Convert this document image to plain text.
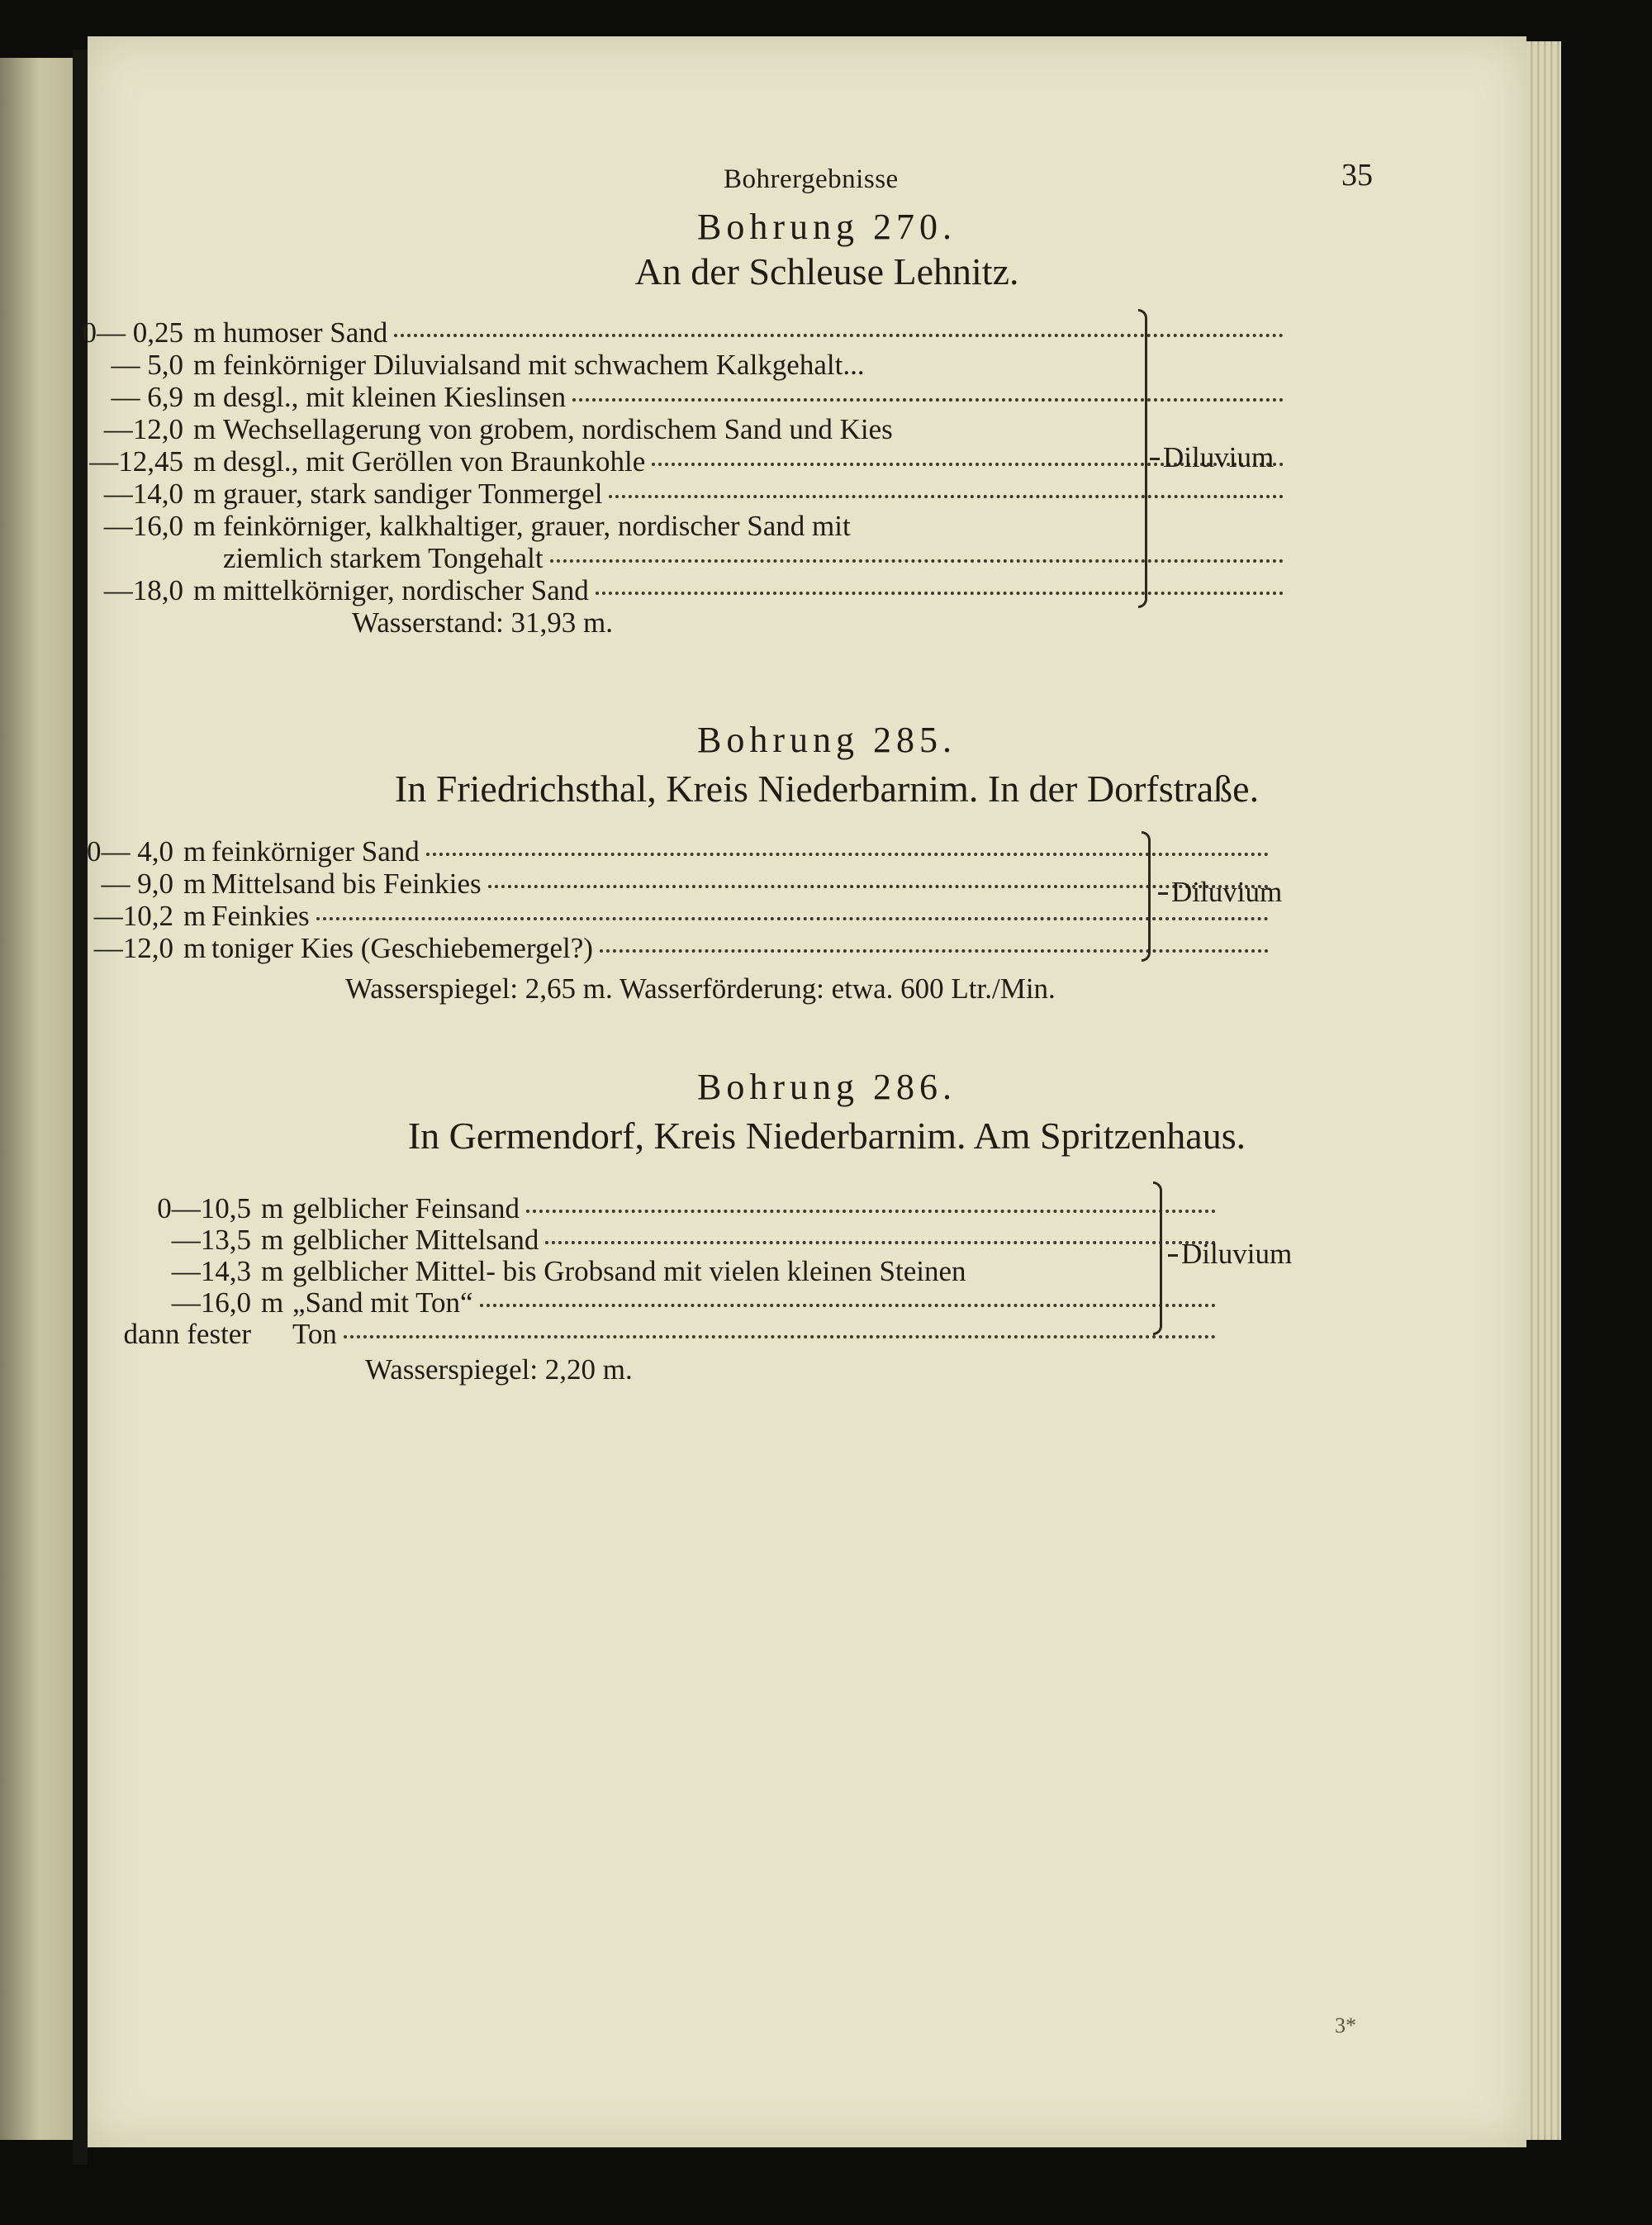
Bohrergebnisse	35
Bohrung 270.
An der Schleuse Lehnitz.
0— 0,25 m humoser Sand
— 5,0 m feinkörniger Diluvialsand mit schwachem Kalkgehalt...
— 6,9 m desgl., mit kleinen Kieslinsen
—12,0 m Wechsellagerung von grobem, nordischem Sand und Kies
—12,45 m desgl., mit Geröllen von Braunkohle
—14,0 m grauer, stark sandiger Tonmergel
—16,0 m feinkörniger, kalkhaltiger, grauer, nordischer Sand mit
ziemlich starkem Tongehalt
—18,0 m mittelkörniger, nordischer Sand
Diluvium
Wasserstand: 31,93 m.
Bohrung 285.
In Friedrichsthal, Kreis Niederbarnim. In der Dorfstraße.
0— 4,0 m feinkörniger Sand
— 9,0 m Mittelsand bis Feinkies
—10,2 m Feinkies
—12,0 m toniger Kies (Geschiebemergel?)
Diluvium
Wasserspiegel: 2,65 m. Wasserförderung: etwa. 600 Ltr./Min.
Bohrung 286.
In Germendorf, Kreis Niederbarnim. Am Spritzenhaus.
0—10,5 m gelblicher Feinsand
—13,5 m gelblicher Mittelsand
—14,3 m gelblicher Mittel- bis Grobsand mit vielen kleinen Steinen
—16,0 m „Sand mit Ton“
dann fester Ton
Diluvium
Wasserspiegel: 2,20 m.
3*
